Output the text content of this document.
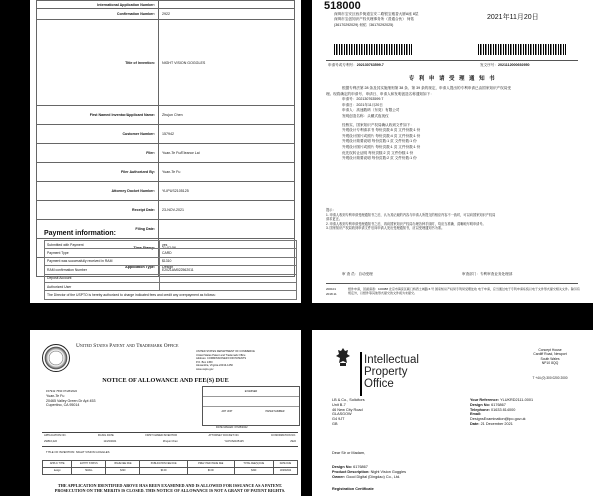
International Application Number:	
Confirmation Number:	2922
Title of Invention:	NIGHT VISION GOGGLES
First Named Inventor/Applicant Name:	Zhujun Chen
Customer Number:	157942
Filer:	Yuan-Te Fu/Eleanor Lai
Filer Authorized By:	Yuan-Te Fu
Attorney Docket Number:	YLIPUS2105125
Receipt Date:	23-NOV-2021
Filing Date:	
Time Stamp:	21:02:56
Application Type:	Design
Payment information:
Submitted with Payment	yes
Payment Type	CARD
Payment was successfully received in RAM	$1310
RAM confirmation Number	E2021AM022562011
Deposit Account	
Authorized User	
The Director of the USPTO is hereby authorized to charge indicated fees and credit any overpayment as follows:	
518000
深圳市宝安区西乡街道宝安二路银宝雅香大厦A座 8层
深圳市宝创知识产权代理事务所（普通合伙） 何佑
(36170292029) 何佑（36170292025)
2021年11月20日
申请号或专利号：202130763599.7	发文序号：2021112000692950
专 利 申 请 受 理 通 知 书
根据专利法第 28 条及其实施细则第 38 条、第 39 条的规定，申请人提出的专利申请已由国家知识产权局受
理。现将确定的申请号、申请日、申请人和发明创造名称通知如下：
申请号：202130763599.7
申请日：2021年11月20日
申请人：高速数码（东莞）有限公司
发明创造名称：头戴式夜视仪
经核实，国家知识产权局确认收到文件如下：
外观设计专利请求书 每份页数:5 页 文件份数:1 份
外观设计图片或照片 每份页数:4 页 文件份数:1 份
外观设计简要说明 每份页数:1 页 文件份数:1 份
外观设计图片或照片 每份页数:1 页 文件份数:1 份
优先权转让证明 每份页数:2 页 文件份数:1 份
外观设计简要说明 每份页数:2 页 文件份数:1 份
提示：
1. 申请人收到专利申请受理通知书之后，认为其记载的内容与申请人所提交的相应内容不一致时，可以向国家知识产权局
请求更正。
2. 申请人收到专利申请受理通知书之后，再向国家知识产权局办理各种手续时，均应当准确、清晰地写明申请号。
3. 国家知识产权局收到申请文件后向申请人发出受理通知书，应以受理通知书为准。
审 查 员：自动受理	审查部门：专利审查业务处理部
200101
2018.11
纸件申请，回函请寄：100088 北京市海淀区蓟门桥西土城路 6 号 国家知识产权局专利局受理处收 电子申请，应当通过电子专利申请系统以电子文件形式提交相关文件。除另有规定外，以纸件等其他形式提交的文件视为未提交。
United States Patent and Trademark Office
UNITED STATES DEPARTMENT OF COMMERCE
United States Patent and Trademark Office
Address: COMMISSIONER FOR PATENTS
P.O. Box 1450
Alexandria, Virginia 22313-1450
www.uspto.gov
NOTICE OF ALLOWANCE AND FEE(S) DUE
157942 7590 07/28/2022
Yuan-Te Fu
20465 Valley Green Dr Apt 453
Cupertino, CA 95014
EXAMINER
ART UNIT	PAPER NUMBER
DATE MAILED: 07/28/2022
APPLICATION NO.	FILING DATE	FIRST NAMED INVENTOR	ATTORNEY DOCKET NO.	CONFIRMATION NO.
29/816,222	11/23/2021	Zhujun Chen	YLIPUS2105125	2922
TITLE OF INVENTION: NIGHT VISION GOGGLES
APPLN. TYPE	ENTITY STATUS	ISSUE FEE DUE	PUBLICATION FEE DUE	PREV. PAID ISSUE FEE	TOTAL FEE(S) DUE	DATE DUE
design	SMALL	$320	$0.00	$0.00	$320	10/28/2022
THE APPLICATION IDENTIFIED ABOVE HAS BEEN EXAMINED AND IS ALLOWED FOR ISSUANCE AS A PATENT. PROSECUTION ON THE MERITS IS CLOSED. THIS NOTICE OF ALLOWANCE IS NOT A GRANT OF PATENT RIGHTS.
Intellectual
Property
Office
Concept House
Cardiff Road, Newport
South Wales
NP10 8QQ
T +44 (0) 300 0200 2000
LB & Co., Solicitors
Unit B-7
46 New City Road
GLASGOW
G4 9JT
GB
Your Reference: YLUKRD2111-0001
Design No: 6176867
Telephone: 01633 814000
Email:
DesignsExamination@ipo.gov.uk
Date: 21 December 2021
Dear Sir or Madam,
Design No: 6176867
Product Description: Night Vision Goggles
Owner: Good Digital (Dingdao) Co., Ltd.
Registration Certificate
